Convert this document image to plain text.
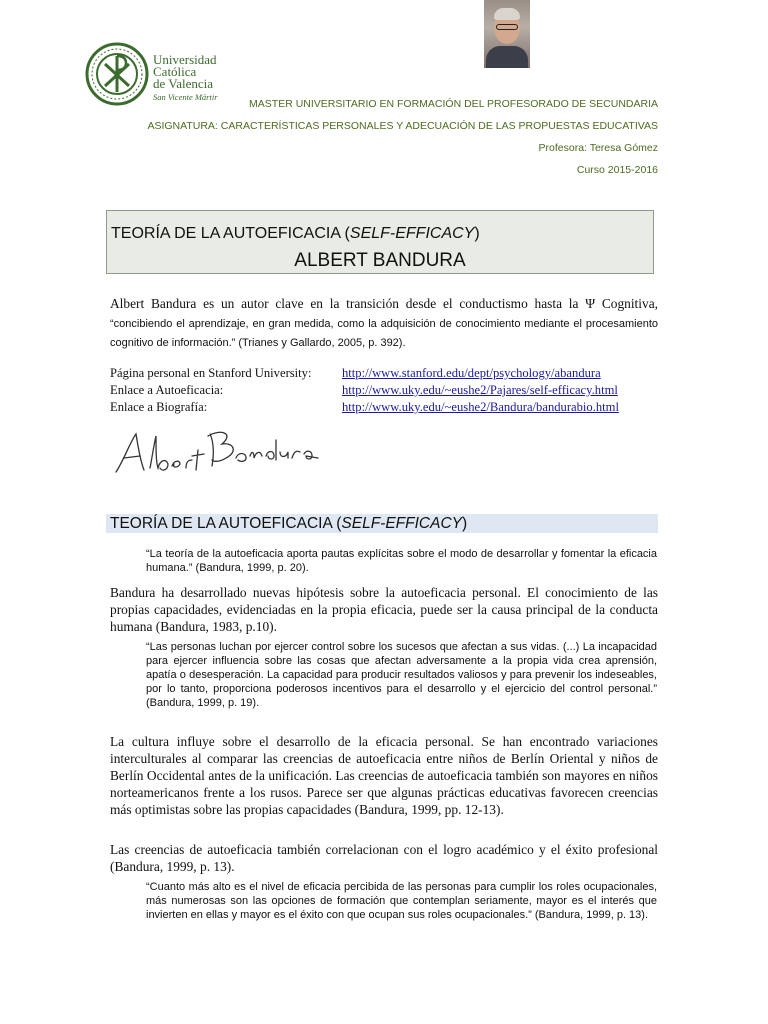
Universidad
Católica
de Valencia
San Vicente Mártir
MASTER UNIVERSITARIO EN FORMACIÓN DEL PROFESORADO DE SECUNDARIA
ASIGNATURA: CARACTERÍSTICAS PERSONALES Y ADECUACIÓN DE LAS PROPUESTAS EDUCATIVAS
Profesora: Teresa Gómez
Curso 2015-2016
TEORÍA DE LA AUTOEFICACIA (SELF-EFFICACY)
ALBERT BANDURA
Albert Bandura es un autor clave en la transición desde el conductismo hasta la Ψ Cognitiva, “concibiendo el aprendizaje, en gran medida, como la adquisición de conocimiento mediante el procesamiento cognitivo de información.” (Trianes y Gallardo, 2005, p. 392).
Página personal en Stanford University: http://www.stanford.edu/dept/psychology/abandura
Enlace a Autoeficacia:	http://www.uky.edu/~eushe2/Pajares/self-efficacy.html
Enlace a Biografía:	http://www.uky.edu/~eushe2/Bandura/bandurabio.html
TEORÍA DE LA AUTOEFICACIA (SELF-EFFICACY)
“La teoría de la autoeficacia aporta pautas explícitas sobre el modo de desarrollar y fomentar la eficacia humana.” (Bandura, 1999, p. 20).
Bandura ha desarrollado nuevas hipótesis sobre la autoeficacia personal. El conocimiento de las propias capacidades, evidenciadas en la propia eficacia, puede ser la causa principal de la conducta humana (Bandura, 1983, p.10).
“Las personas luchan por ejercer control sobre los sucesos que afectan a sus vidas. (...) La incapacidad para ejercer influencia sobre las cosas que afectan adversamente a la propia vida crea aprensión, apatía o desesperación. La capacidad para producir resultados valiosos y para prevenir los indeseables, por lo tanto, proporciona poderosos incentivos para el desarrollo y el ejercicio del control personal.” (Bandura, 1999, p. 19).
La cultura influye sobre el desarrollo de la eficacia personal. Se han encontrado variaciones interculturales al comparar las creencias de autoeficacia entre niños de Berlín Oriental y niños de Berlín Occidental antes de la unificación. Las creencias de autoeficacia también son mayores en niños norteamericanos frente a los rusos. Parece ser que algunas prácticas educativas favorecen creencias más optimistas sobre las propias capacidades (Bandura, 1999, pp. 12-13).
Las creencias de autoeficacia también correlacionan con el logro académico y el éxito profesional (Bandura, 1999, p. 13).
“Cuanto más alto es el nivel de eficacia percibida de las personas para cumplir los roles ocupacionales, más numerosas son las opciones de formación que contemplan seriamente, mayor es el interés que invierten en ellas y mayor es el éxito con que ocupan sus roles ocupacionales.” (Bandura, 1999, p. 13).
